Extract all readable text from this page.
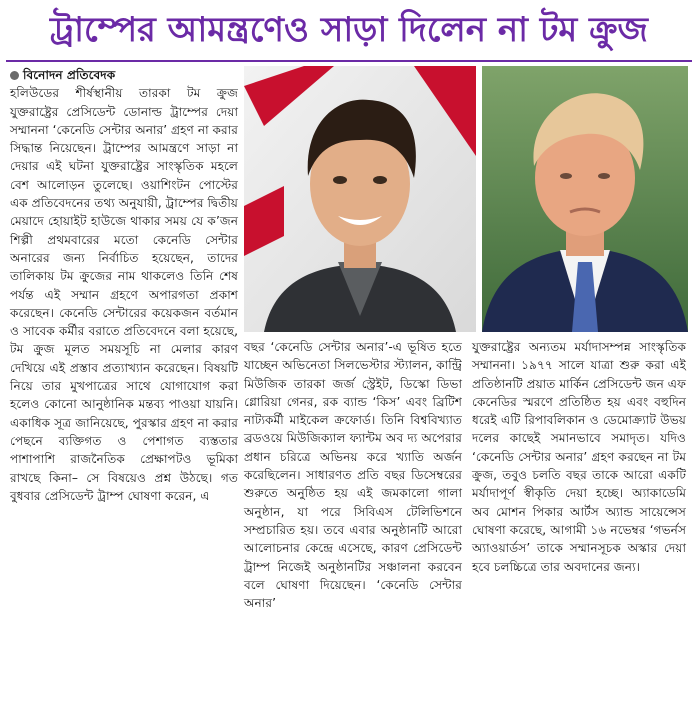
ট্রাম্পের আমন্ত্রণেও সাড়া দিলেন না টম ক্রুজ
বিনোদন প্রতিবেদক

হলিউডের শীর্ষস্থানীয় তারকা টম ক্রুজ যুক্তরাষ্ট্রের প্রেসিডেন্ট ডোনাল্ড ট্রাম্পের দেয়া সম্মাননা ‘কেনেডি সেন্টার অনার’ গ্রহণ না করার সিদ্ধান্ত নিয়েছেন। ট্রাম্পের আমন্ত্রণে সাড়া না দেয়ার এই ঘটনা যুক্তরাষ্ট্রের সাংস্কৃতিক মহলে বেশ আলোড়ন তুলেছে। ওয়াশিংটন পোস্টের এক প্রতিবেদনের তথ্য অনুযায়ী, ট্রাম্পের দ্বিতীয় মেয়াদে হোয়াইট হাউজে থাকার সময় যে ক’জন শিল্পী প্রথমবারের মতো কেনেডি সেন্টার অনারের জন্য নির্বাচিত হয়েছেন, তাদের তালিকায় টম ক্রুজের নাম থাকলেও তিনি শেষ পর্যন্ত এই সম্মান গ্রহণে অপারগতা প্রকাশ করেছেন। কেনেডি সেন্টারের কয়েকজন বর্তমান ও সাবেক কর্মীর বরাতে প্রতিবেদনে বলা হয়েছে, টম ক্রুজ মূলত সময়সূচি না মেলার কারণ দেখিয়ে এই প্রস্তাব প্রত্যাখ্যান করেছেন। বিষয়টি নিয়ে তার মুখপাত্রের সাথে যোগাযোগ করা হলেও কোনো আনুষ্ঠানিক মন্তব্য পাওয়া যায়নি। একাধিক সূত্র জানিয়েছে, পুরস্কার গ্রহণ না করার পেছনে ব্যক্তিগত ও পেশাগত ব্যস্ততার পাশাপাশি রাজনৈতিক প্রেক্ষাপটও ভূমিকা রাখছে কিনা– সে বিষয়েও প্রশ্ন উঠছে। গত বুধবার প্রেসিডেন্ট ট্রাম্প ঘোষণা করেন, এ

বছর ‘কেনেডি সেন্টার অনার’-এ ভূষিত হতে যাচ্ছেন অভিনেতা সিলভেস্টার স্ট্যালন, কান্ট্রি মিউজিক তারকা জর্জ স্ট্রেইট, ডিস্কো ডিভা গ্লোরিয়া গেনর, রক ব্যান্ড ‘কিস’ এবং ব্রিটিশ নাট্যকর্মী মাইকেল ক্রফোর্ড। তিনি বিশ্ববিখ্যাত ব্রডওয়ে মিউজিক্যাল ফ্যান্টম অব দ্য অপেরার প্রধান চরিত্রে অভিনয় করে খ্যাতি অর্জন করেছিলেন। সাধারণত প্রতি বছর ডিসেম্বরের শুরুতে অনুষ্ঠিত হয় এই জমকালো গালা অনুষ্ঠান, যা পরে সিবিএস টেলিভিশনে সম্প্রচারিত হয়। তবে এবার অনুষ্ঠানটি আরো আলোচনার কেন্দ্রে এসেছে, কারণ প্রেসিডেন্ট ট্রাম্প নিজেই অনুষ্ঠানটির সঞ্চালনা করবেন বলে ঘোষণা দিয়েছেন। ‘কেনেডি সেন্টার অনার’

যুক্তরাষ্ট্রের অন্যতম মর্যাদাসম্পন্ন সাংস্কৃতিক সম্মাননা। ১৯৭৭ সালে যাত্রা শুরু করা এই প্রতিষ্ঠানটি প্রয়াত মার্কিন প্রেসিডেন্ট জন এফ কেনেডির স্মরণে প্রতিষ্ঠিত হয় এবং বহুদিন ধরেই এটি রিপাবলিকান ও ডেমোক্র্যাট উভয় দলের কাছেই সমানভাবে সমাদৃত। যদিও ‘কেনেডি সেন্টার অনার’ গ্রহণ করছেন না টম ক্রুজ, তবুও চলতি বছর তাকে আরো একটি মর্যাদাপূর্ণ স্বীকৃতি দেয়া হচ্ছে। অ্যাকাডেমি অব মোশন পিকার আর্টস অ্যান্ড সায়েন্সেস ঘোষণা করেছে, আগামী ১৬ নভেম্বর ‘গভর্নস অ্যাওয়ার্ডস’ তাকে সম্মানসূচক অস্কার দেয়া হবে চলচ্চিত্রে তার অবদানের জন্য।
